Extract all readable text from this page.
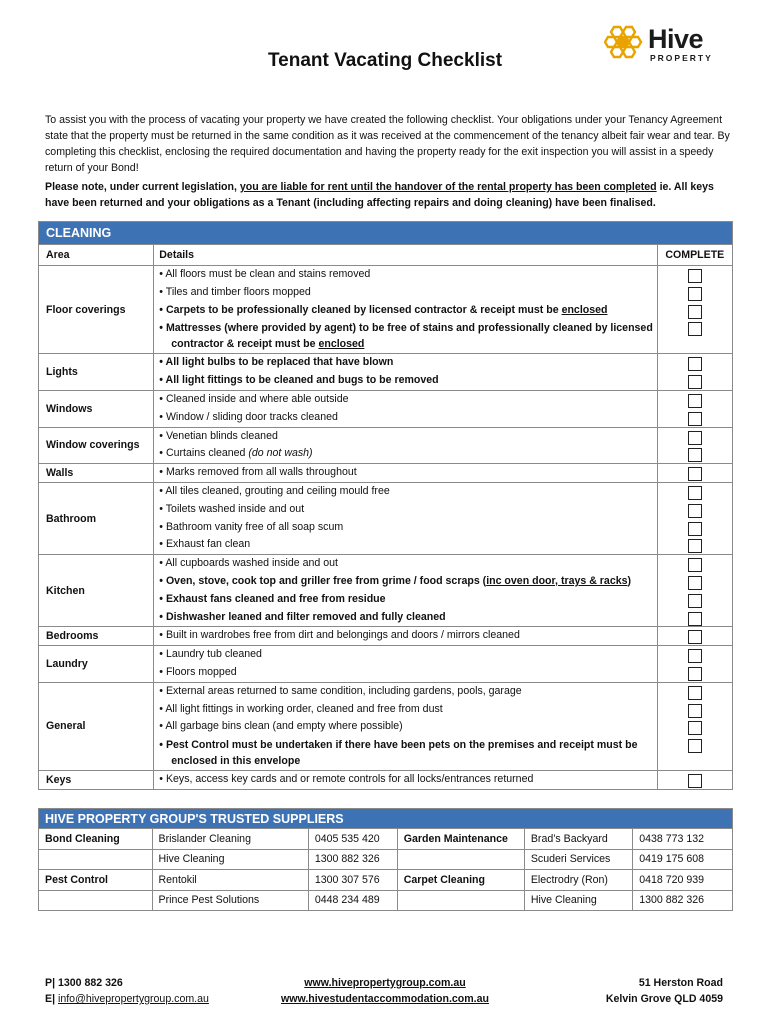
Hive
PROPERTY
Tenant Vacating Checklist
To assist you with the process of vacating your property we have created the following checklist. Your obligations under your Tenancy Agreement state that the property must be returned in the same condition as it was received at the commencement of the tenancy albeit fair wear and tear. By completing this checklist, enclosing the required documentation and having the property ready for the exit inspection you will assist in a speedy return of your Bond!
Please note, under current legislation, you are liable for rent until the handover of the rental property has been completed ie. All keys have been returned and your obligations as a Tenant (including affecting repairs and doing cleaning) have been finalised.
CLEANING		
Area	Details	COMPLETE
Floor coverings	• All floors must be clean and stains removed
• Tiles and timber floors mopped
• Carpets to be professionally cleaned by licensed contractor & receipt must be enclosed
• Mattresses (where provided by agent) to be free of stains and professionally cleaned by licensed contractor & receipt must be enclosed	

Lights	• All light bulbs to be replaced that have blown
• All light fittings to be cleaned and bugs to be removed	

Windows	• Cleaned inside and where able outside
• Window / sliding door tracks cleaned	

Window coverings	• Venetian blinds cleaned
• Curtains cleaned (do not wash)	

Walls	• Marks removed from all walls throughout	

Bathroom	• All tiles cleaned, grouting and ceiling mould free
• Toilets washed inside and out
• Bathroom vanity free of all soap scum
• Exhaust fan clean	

Kitchen	• All cupboards washed inside and out
• Oven, stove, cook top and griller free from grime / food scraps (inc oven door, trays & racks)
• Exhaust fans cleaned and free from residue
• Dishwasher leaned and filter removed and fully cleaned	

Bedrooms	• Built in wardrobes free from dirt and belongings and doors / mirrors cleaned	

Laundry	• Laundry tub cleaned
• Floors mopped	

General	• External areas returned to same condition, including gardens, pools, garage
• All light fittings in working order, cleaned and free from dust
• All garbage bins clean (and empty where possible)
• Pest Control must be undertaken if there have been pets on the premises and receipt must be enclosed in this envelope	

Keys	• Keys, access key cards and or remote controls for all locks/entrances returned	

HIVE PROPERTY GROUP'S TRUSTED SUPPLIERS					
Bond Cleaning	Brislander Cleaning	0405 535 420	Garden Maintenance	Brad’s Backyard	0438 773 132
	Hive Cleaning	1300 882 326		Scuderi Services	0419 175 608
Pest Control	Rentokil	1300 307 576	Carpet Cleaning	Electrodry (Ron)	0418 720 939
	Prince Pest Solutions	0448 234 489		Hive Cleaning	1300 882 326
P| 1300 882 326
E| info@hivepropertygroup.com.au
www.hivepropertygroup.com.au
www.hivestudentaccommodation.com.au
51 Herston Road
Kelvin Grove QLD 4059
